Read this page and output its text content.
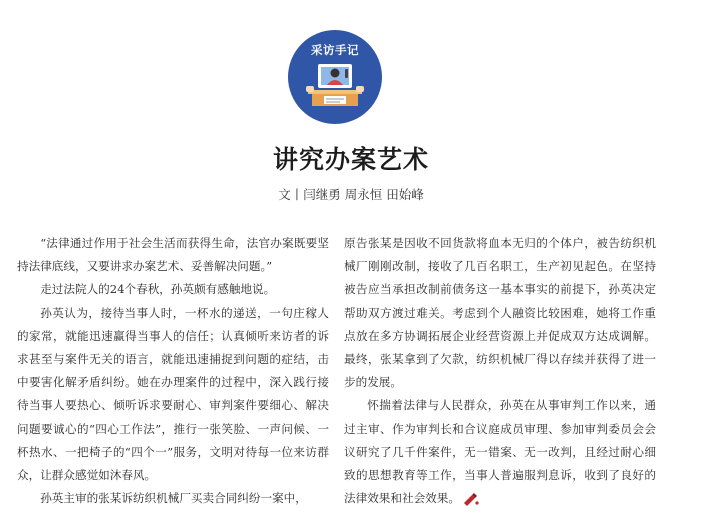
采访手记
讲究办案艺术
文丨闫继勇 周永恒 田始峰

“法律通过作用于社会生活而获得生命，法官办案既要坚持法律底线，又要讲求办案艺术、妥善解决问题。”

走过法院人的24个春秋，孙英颇有感触地说。

孙英认为，接待当事人时，一杯水的递送，一句庄稼人的家常，就能迅速赢得当事人的信任；认真倾听来访者的诉求甚至与案件无关的语言，就能迅速捕捉到问题的症结，击中要害化解矛盾纠纷。她在办理案件的过程中，深入践行接待当事人要热心、倾听诉求要耐心、审判案件要细心、解决问题要诚心的“四心工作法”，推行一张笑脸、一声问候、一杯热水、一把椅子的“四个一”服务，文明对待每一位来访群众，让群众感觉如沐春风。

孙英主审的张某诉纺织机械厂买卖合同纠纷一案中，

原告张某是因收不回货款将血本无归的个体户，被告纺织机械厂刚刚改制，接收了几百名职工，生产初见起色。在坚持被告应当承担改制前债务这一基本事实的前提下，孙英决定帮助双方渡过难关。考虑到个人融资比较困难，她将工作重点放在多方协调拓展企业经营资源上并促成双方达成调解。最终，张某拿到了欠款，纺织机械厂得以存续并获得了进一步的发展。

怀揣着法律与人民群众，孙英在从事审判工作以来，通过主审、作为审判长和合议庭成员审理、参加审判委员会会议研究了几千件案件，无一错案、无一改判，且经过耐心细致的思想教育等工作，当事人普遍服判息诉，收到了良好的法律效果和社会效果。
